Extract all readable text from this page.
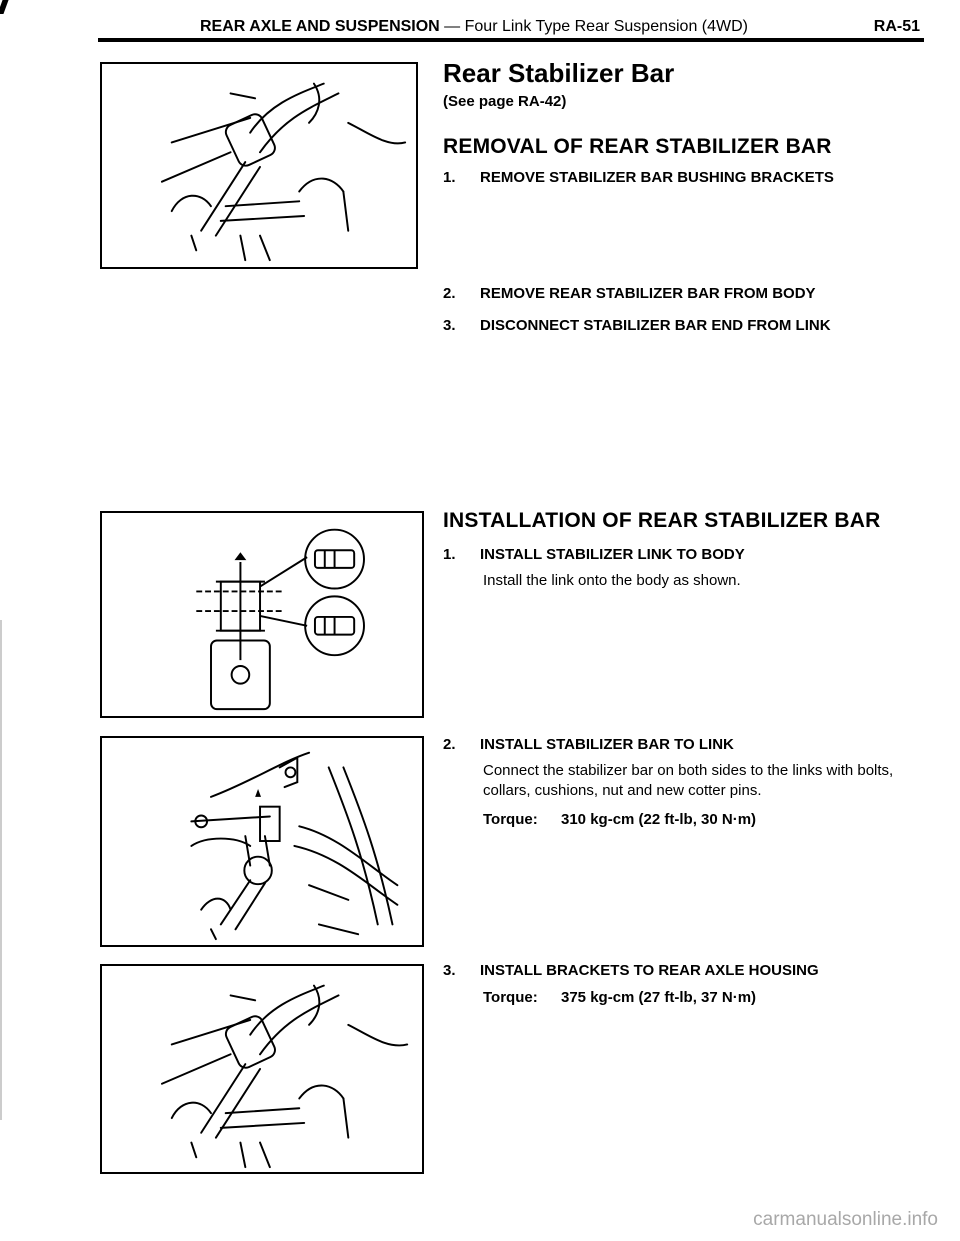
REAR AXLE AND SUSPENSION — Four Link Type Rear Suspension (4WD)	RA-51
Rear Stabilizer Bar
(See page RA-42)
REMOVAL OF REAR STABILIZER BAR
1.	REMOVE STABILIZER BAR BUSHING BRACKETS
2.	REMOVE REAR STABILIZER BAR FROM BODY
3.	DISCONNECT STABILIZER BAR END FROM LINK
INSTALLATION OF REAR STABILIZER BAR
1.	INSTALL STABILIZER LINK TO BODY
Install the link onto the body as shown.
2.	INSTALL STABILIZER BAR TO LINK
Connect the stabilizer bar on both sides to the links with bolts, collars, cushions, nut and new cotter pins.
Torque: 310 kg-cm (22 ft-lb, 30 N·m)
3.	INSTALL BRACKETS TO REAR AXLE HOUSING
Torque: 375 kg-cm (27 ft-lb, 37 N·m)
carmanualsonline.info
